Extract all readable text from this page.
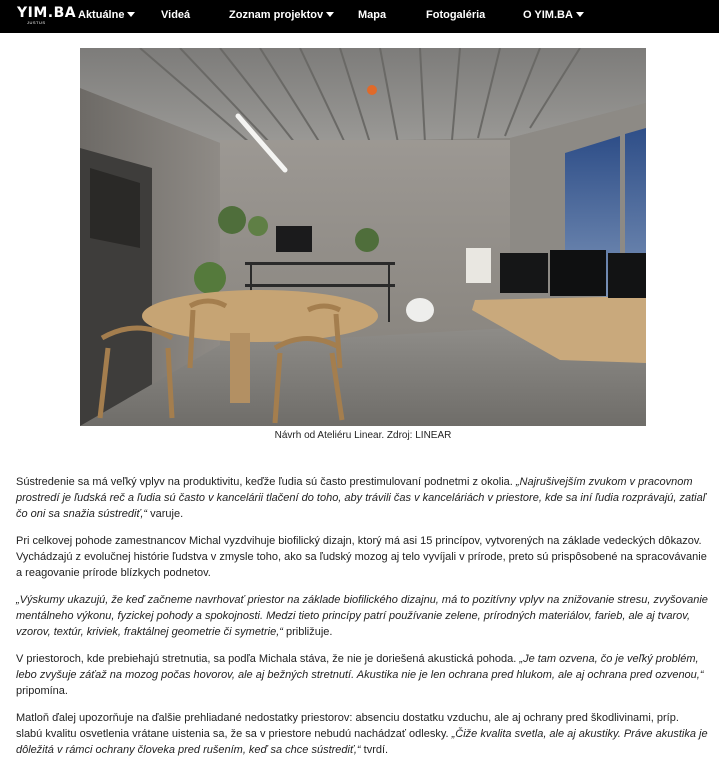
YIM.BA
JUSTUS
Aktuálne	Videá	Zoznam projektov	Mapa	Fotogaléria	O YIM.BA
Návrh od Ateliéru Linear. Zdroj: LINEAR

Sústredenie sa má veľký vplyv na produktivitu, keďže ľudia sú často prestimulovaní podnetmi z okolia. „Najrušivejším zvukom v pracovnom prostredí je ľudská reč a ľudia sú často v kancelárii tlačení do toho, aby trávili čas v kanceláriách v priestore, kde sa iní ľudia rozprávajú, zatiaľ čo oni sa snažia sústrediť,“ varuje.

Pri celkovej pohode zamestnancov Michal vyzdvihuje biofilický dizajn, ktorý má asi 15 princípov, vytvorených na základe vedeckých dôkazov. Vychádzajú z evolučnej histórie ľudstva v zmysle toho, ako sa ľudský mozog aj telo vyvíjali v prírode, preto sú prispôsobené na spracovávanie a reagovanie prírode blízkych podnetov.

„Výskumy ukazujú, že keď začneme navrhovať priestor na základe biofilického dizajnu, má to pozitívny vplyv na znižovanie stresu, zvyšovanie mentálneho výkonu, fyzickej pohody a spokojnosti. Medzi tieto princípy patrí používanie zelene, prírodných materiálov, farieb, ale aj tvarov, vzorov, textúr, kriviek, fraktálnej geometrie či symetrie,“ približuje.

V priestoroch, kde prebiehajú stretnutia, sa podľa Michala stáva, že nie je doriešená akustická pohoda. „Je tam ozvena, čo je veľký problém, lebo zvyšuje záťaž na mozog počas hovorov, ale aj bežných stretnutí. Akustika nie je len ochrana pred hlukom, ale aj ochrana pred ozvenou,“ pripomína.

Matloň ďalej upozorňuje na ďalšie prehliadané nedostatky priestorov: absenciu dostatku vzduchu, ale aj ochrany pred škodlivinami, príp. slabú kvalitu osvetlenia vrátane uistenia sa, že sa v priestore nebudú nachádzať odlesky. „Čiže kvalita svetla, ale aj akustiky. Práve akustika je dôležitá v rámci ochrany človeka pred rušením, keď sa chce sústrediť,“ tvrdí.
